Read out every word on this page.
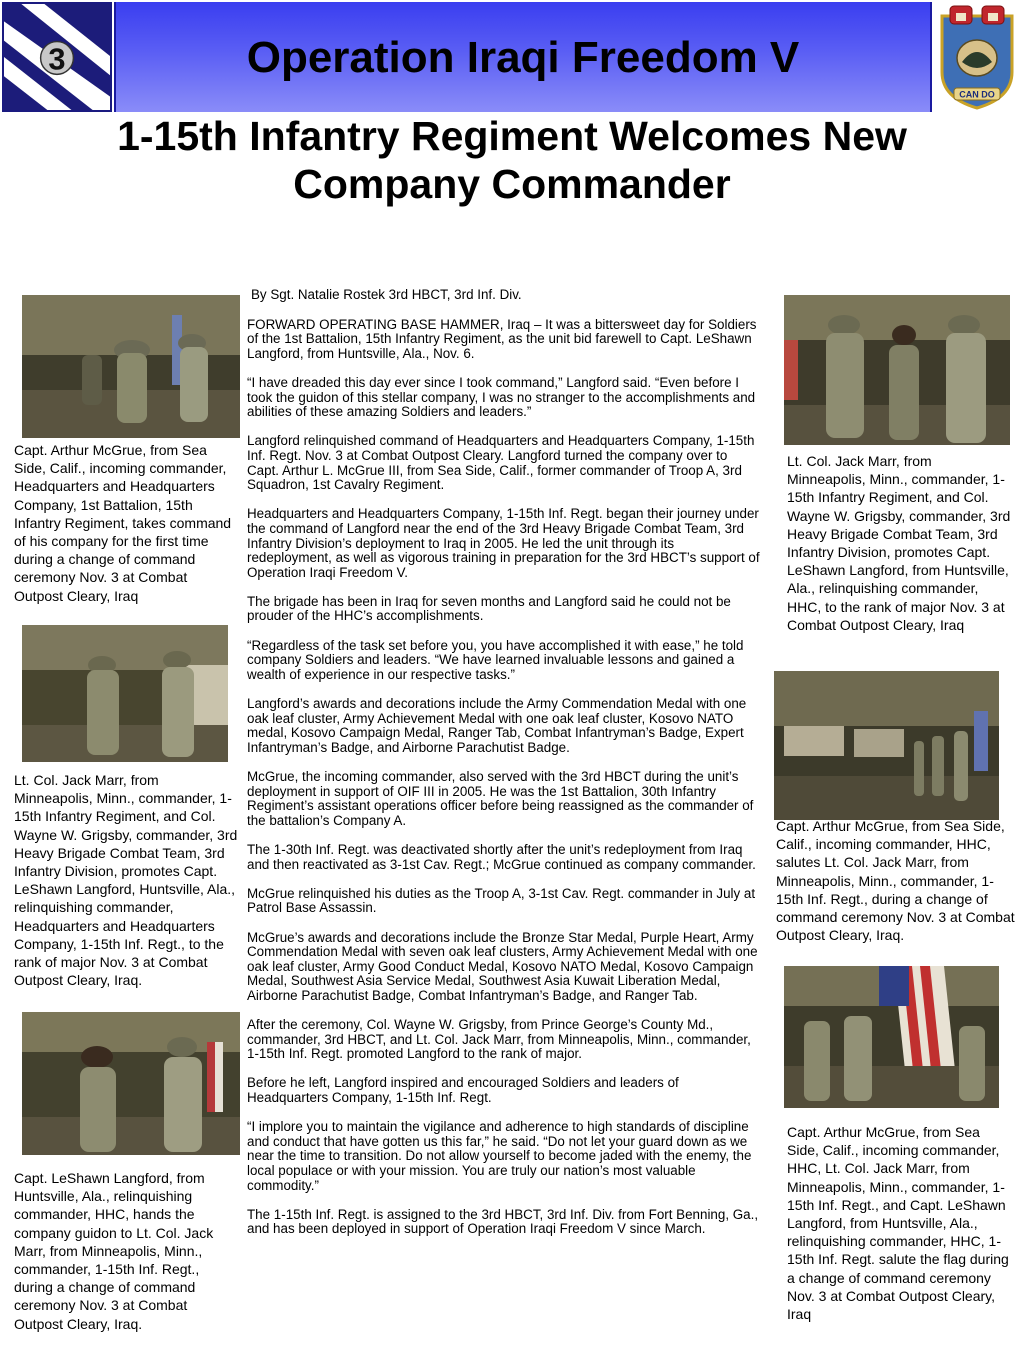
Operation Iraqi Freedom V
3
CAN DO
1-15th Infantry Regiment Welcomes New
Company Commander
Capt. Arthur McGrue, from Sea Side, Calif., incoming commander, Headquarters and Headquarters Company, 1st Battalion, 15th Infantry Regiment, takes command of his company for the first time during a change of command ceremony Nov. 3 at Combat Outpost Cleary, Iraq
Lt. Col. Jack Marr, from Minneapolis, Minn., commander, 1-15th Infantry Regiment, and Col. Wayne W. Grigsby, commander, 3rd Heavy Brigade Combat Team, 3rd Infantry Division, promotes Capt. LeShawn Langford, Huntsville, Ala., relinquishing commander, Headquarters and Headquarters Company, 1-15th Inf. Regt., to the rank of major Nov. 3 at Combat Outpost Cleary, Iraq.
Capt. LeShawn Langford, from Huntsville, Ala., relinquishing commander, HHC, hands the company guidon to Lt. Col. Jack Marr, from Minneapolis, Minn., commander, 1-15th Inf. Regt., during a change of command ceremony Nov. 3 at Combat Outpost Cleary, Iraq.
By Sgt. Natalie Rostek 3rd HBCT, 3rd Inf. Div.

FORWARD OPERATING BASE HAMMER, Iraq – It was a bittersweet day for Soldiers of the 1st Battalion, 15th Infantry Regiment, as the unit bid farewell to Capt. LeShawn Langford, from Huntsville, Ala., Nov. 6.

“I have dreaded this day ever since I took command,” Langford said. “Even before I took the guidon of this stellar company, I was no stranger to the accomplishments and abilities of these amazing Soldiers and leaders.”

Langford relinquished command of Headquarters and Headquarters Company, 1-15th Inf. Regt. Nov. 3 at Combat Outpost Cleary. Langford turned the company over to Capt. Arthur L. McGrue III, from Sea Side, Calif., former commander of Troop A, 3rd Squadron, 1st Cavalry Regiment.

Headquarters and Headquarters Company, 1-15th Inf. Regt. began their journey under the command of Langford near the end of the 3rd Heavy Brigade Combat Team, 3rd Infantry Division’s deployment to Iraq in 2005. He led the unit through its redeployment, as well as vigorous training in preparation for the 3rd HBCT’s support of Operation Iraqi Freedom V.

The brigade has been in Iraq for seven months and Langford said he could not be prouder of the HHC’s accomplishments.

“Regardless of the task set before you, you have accomplished it with ease,” he told company Soldiers and leaders. “We have learned invaluable lessons and gained a wealth of experience in our respective tasks.”

Langford’s awards and decorations include the Army Commendation Medal with one oak leaf cluster, Army Achievement Medal with one oak leaf cluster, Kosovo NATO medal, Kosovo Campaign Medal, Ranger Tab, Combat Infantryman’s Badge, Expert Infantryman’s Badge, and Airborne Parachutist Badge.

McGrue, the incoming commander, also served with the 3rd HBCT during the unit’s deployment in support of OIF III in 2005. He was the 1st Battalion, 30th Infantry Regiment’s assistant operations officer before being reassigned as the commander of the battalion’s Company A.

The 1-30th Inf. Regt. was deactivated shortly after the unit’s redeployment from Iraq and then reactivated as 3-1st Cav. Regt.; McGrue continued as company commander.

McGrue relinquished his duties as the Troop A, 3-1st Cav. Regt. commander in July at Patrol Base Assassin.

McGrue’s awards and decorations include the Bronze Star Medal, Purple Heart, Army Commendation Medal with seven oak leaf clusters, Army Achievement Medal with one oak leaf cluster, Army Good Conduct Medal, Kosovo NATO Medal, Kosovo Campaign Medal, Southwest Asia Service Medal, Southwest Asia Kuwait Liberation Medal, Airborne Parachutist Badge, Combat Infantryman’s Badge, and Ranger Tab.

After the ceremony, Col. Wayne W. Grigsby, from Prince George’s County Md., commander, 3rd HBCT, and Lt. Col. Jack Marr, from Minneapolis, Minn., commander, 1-15th Inf. Regt. promoted Langford to the rank of major.

Before he left, Langford inspired and encouraged Soldiers and leaders of Headquarters Company, 1-15th Inf. Regt.

“I implore you to maintain the vigilance and adherence to high standards of discipline and conduct that have gotten us this far,” he said. “Do not let your guard down as we near the time to transition. Do not allow yourself to become jaded with the enemy, the local populace or with your mission. You are truly our nation’s most valuable commodity.”

The 1-15th Inf. Regt. is assigned to the 3rd HBCT, 3rd Inf. Div. from Fort Benning, Ga., and has been deployed in support of Operation Iraqi Freedom V since March.

Lt. Col. Jack Marr, from Minneapolis, Minn., commander, 1-15th Infantry Regiment, and Col. Wayne W. Grigsby, commander, 3rd Heavy Brigade Combat Team, 3rd Infantry Division, promotes Capt. LeShawn Langford, from Huntsville, Ala., relinquishing commander, HHC, to the rank of major Nov. 3 at Combat Outpost Cleary, Iraq
Capt. Arthur McGrue, from Sea Side, Calif., incoming commander, HHC, salutes Lt. Col. Jack Marr, from Minneapolis, Minn., commander, 1-15th Inf. Regt., during a change of command ceremony Nov. 3 at Combat Outpost Cleary, Iraq.
Capt. Arthur McGrue, from Sea Side, Calif., incoming commander, HHC, Lt. Col. Jack Marr, from Minneapolis, Minn., commander, 1-15th Inf. Regt., and Capt. LeShawn Langford, from Huntsville, Ala., relinquishing commander, HHC, 1-15th Inf. Regt. salute the flag during a change of command ceremony Nov. 3 at Combat Outpost Cleary, Iraq
